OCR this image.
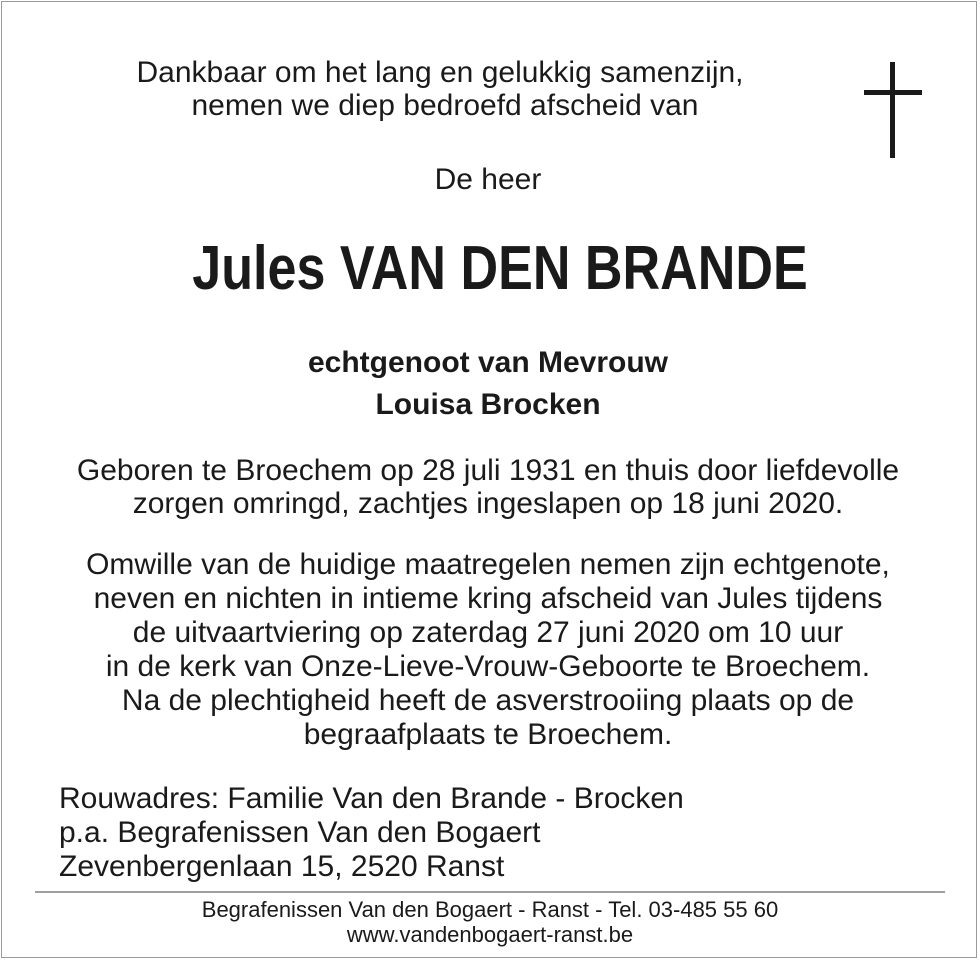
Dankbaar om het lang en gelukkig samenzijn,
nemen we diep bedroefd afscheid van
De heer
Jules VAN DEN BRANDE
echtgenoot van Mevrouw
Louisa Brocken
Geboren te Broechem op 28 juli 1931 en thuis door liefdevolle
zorgen omringd, zachtjes ingeslapen op 18 juni 2020.
Omwille van de huidige maatregelen nemen zijn echtgenote,
neven en nichten in intieme kring afscheid van Jules tijdens
de uitvaartviering op zaterdag 27 juni 2020 om 10 uur
in de kerk van Onze-Lieve-Vrouw-Geboorte te Broechem.
Na de plechtigheid heeft de asverstrooiing plaats op de
begraafplaats te Broechem.
Rouwadres: Familie Van den Brande - Brocken
p.a. Begrafenissen Van den Bogaert
Zevenbergenlaan 15, 2520 Ranst
Begrafenissen Van den Bogaert - Ranst - Tel. 03-485 55 60
www.vandenbogaert-ranst.be
